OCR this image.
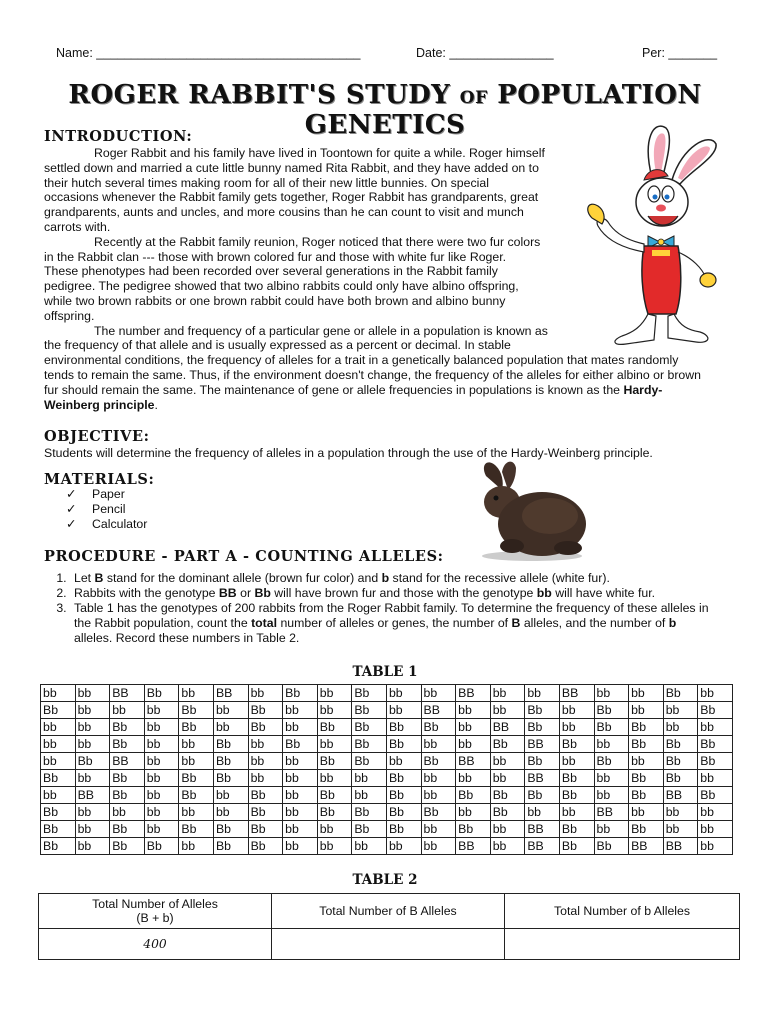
Name: ______________________________________	Date: _______________	Per: _______
ROGER RABBIT'S STUDY OF POPULATION GENETICS
INTRODUCTION:
Roger Rabbit and his family have lived in Toontown for quite a while. Roger himself
settled down and married a cute little bunny named Rita Rabbit, and they have added on to
their hutch several times making room for all of their new little bunnies. On special
occasions whenever the Rabbit family gets together, Roger Rabbit has grandparents, great
grandparents, aunts and uncles, and more cousins than he can count to visit and munch
carrots with.
Recently at the Rabbit family reunion, Roger noticed that there were two fur colors
in the Rabbit clan --- those with brown colored fur and those with white fur like Roger.
These phenotypes had been recorded over several generations in the Rabbit family
pedigree. The pedigree showed that two albino rabbits could only have albino offspring,
while two brown rabbits or one brown rabbit could have both brown and albino bunny
offspring.
The number and frequency of a particular gene or allele in a population is known as
the frequency of that allele and is usually expressed as a percent or decimal. In stable
environmental conditions, the frequency of alleles for a trait in a genetically balanced population that mates randomly
tends to remain the same. Thus, if the environment doesn't change, the frequency of the alleles for either albino or brown
fur should remain the same. The maintenance of gene or allele frequencies in populations is known as the Hardy-
Weinberg principle.
OBJECTIVE:
Students will determine the frequency of alleles in a population through the use of the Hardy-Weinberg principle.
MATERIALS:
✓ Paper
✓ Pencil
✓ Calculator
PROCEDURE - PART A - COUNTING ALLELES:
1. Let B stand for the dominant allele (brown fur color) and b stand for the recessive allele (white fur).
2. Rabbits with the genotype BB or Bb will have brown fur and those with the genotype bb will have white fur.
3. Table 1 has the genotypes of 200 rabbits from the Roger Rabbit family. To determine the frequency of these alleles in the Rabbit population, count the total number of alleles or genes, the number of B alleles, and the number of b alleles. Record these numbers in Table 2.
TABLE 1
bb	bb	BB	Bb	bb	BB	bb	Bb	bb	Bb	bb	bb	BB	bb	bb	BB	bb	bb	Bb	bb
Bb	bb	bb	bb	Bb	bb	Bb	bb	bb	Bb	bb	BB	bb	bb	Bb	bb	Bb	bb	bb	Bb
bb	bb	Bb	bb	Bb	bb	Bb	bb	Bb	Bb	Bb	Bb	bb	BB	Bb	bb	Bb	Bb	bb	bb
bb	bb	Bb	bb	bb	Bb	bb	Bb	bb	Bb	Bb	bb	bb	Bb	BB	Bb	bb	Bb	Bb	Bb
bb	Bb	BB	bb	bb	Bb	bb	bb	Bb	Bb	bb	Bb	BB	bb	Bb	bb	Bb	bb	Bb	Bb
Bb	bb	Bb	bb	Bb	Bb	bb	bb	bb	bb	Bb	bb	bb	bb	BB	Bb	bb	Bb	Bb	bb
bb	BB	Bb	bb	Bb	bb	Bb	bb	Bb	bb	Bb	bb	Bb	Bb	Bb	Bb	bb	Bb	BB	Bb
Bb	bb	bb	bb	bb	bb	Bb	bb	Bb	Bb	Bb	Bb	bb	Bb	bb	bb	BB	bb	bb	bb
Bb	bb	Bb	bb	Bb	Bb	Bb	bb	bb	Bb	Bb	bb	Bb	bb	BB	Bb	bb	Bb	bb	bb
Bb	bb	Bb	Bb	bb	Bb	Bb	bb	bb	bb	bb	bb	BB	bb	BB	Bb	Bb	BB	BB	bb
TABLE 2
Total Number of Alleles
(B + b)	Total Number of B Alleles	Total Number of b Alleles
400		
